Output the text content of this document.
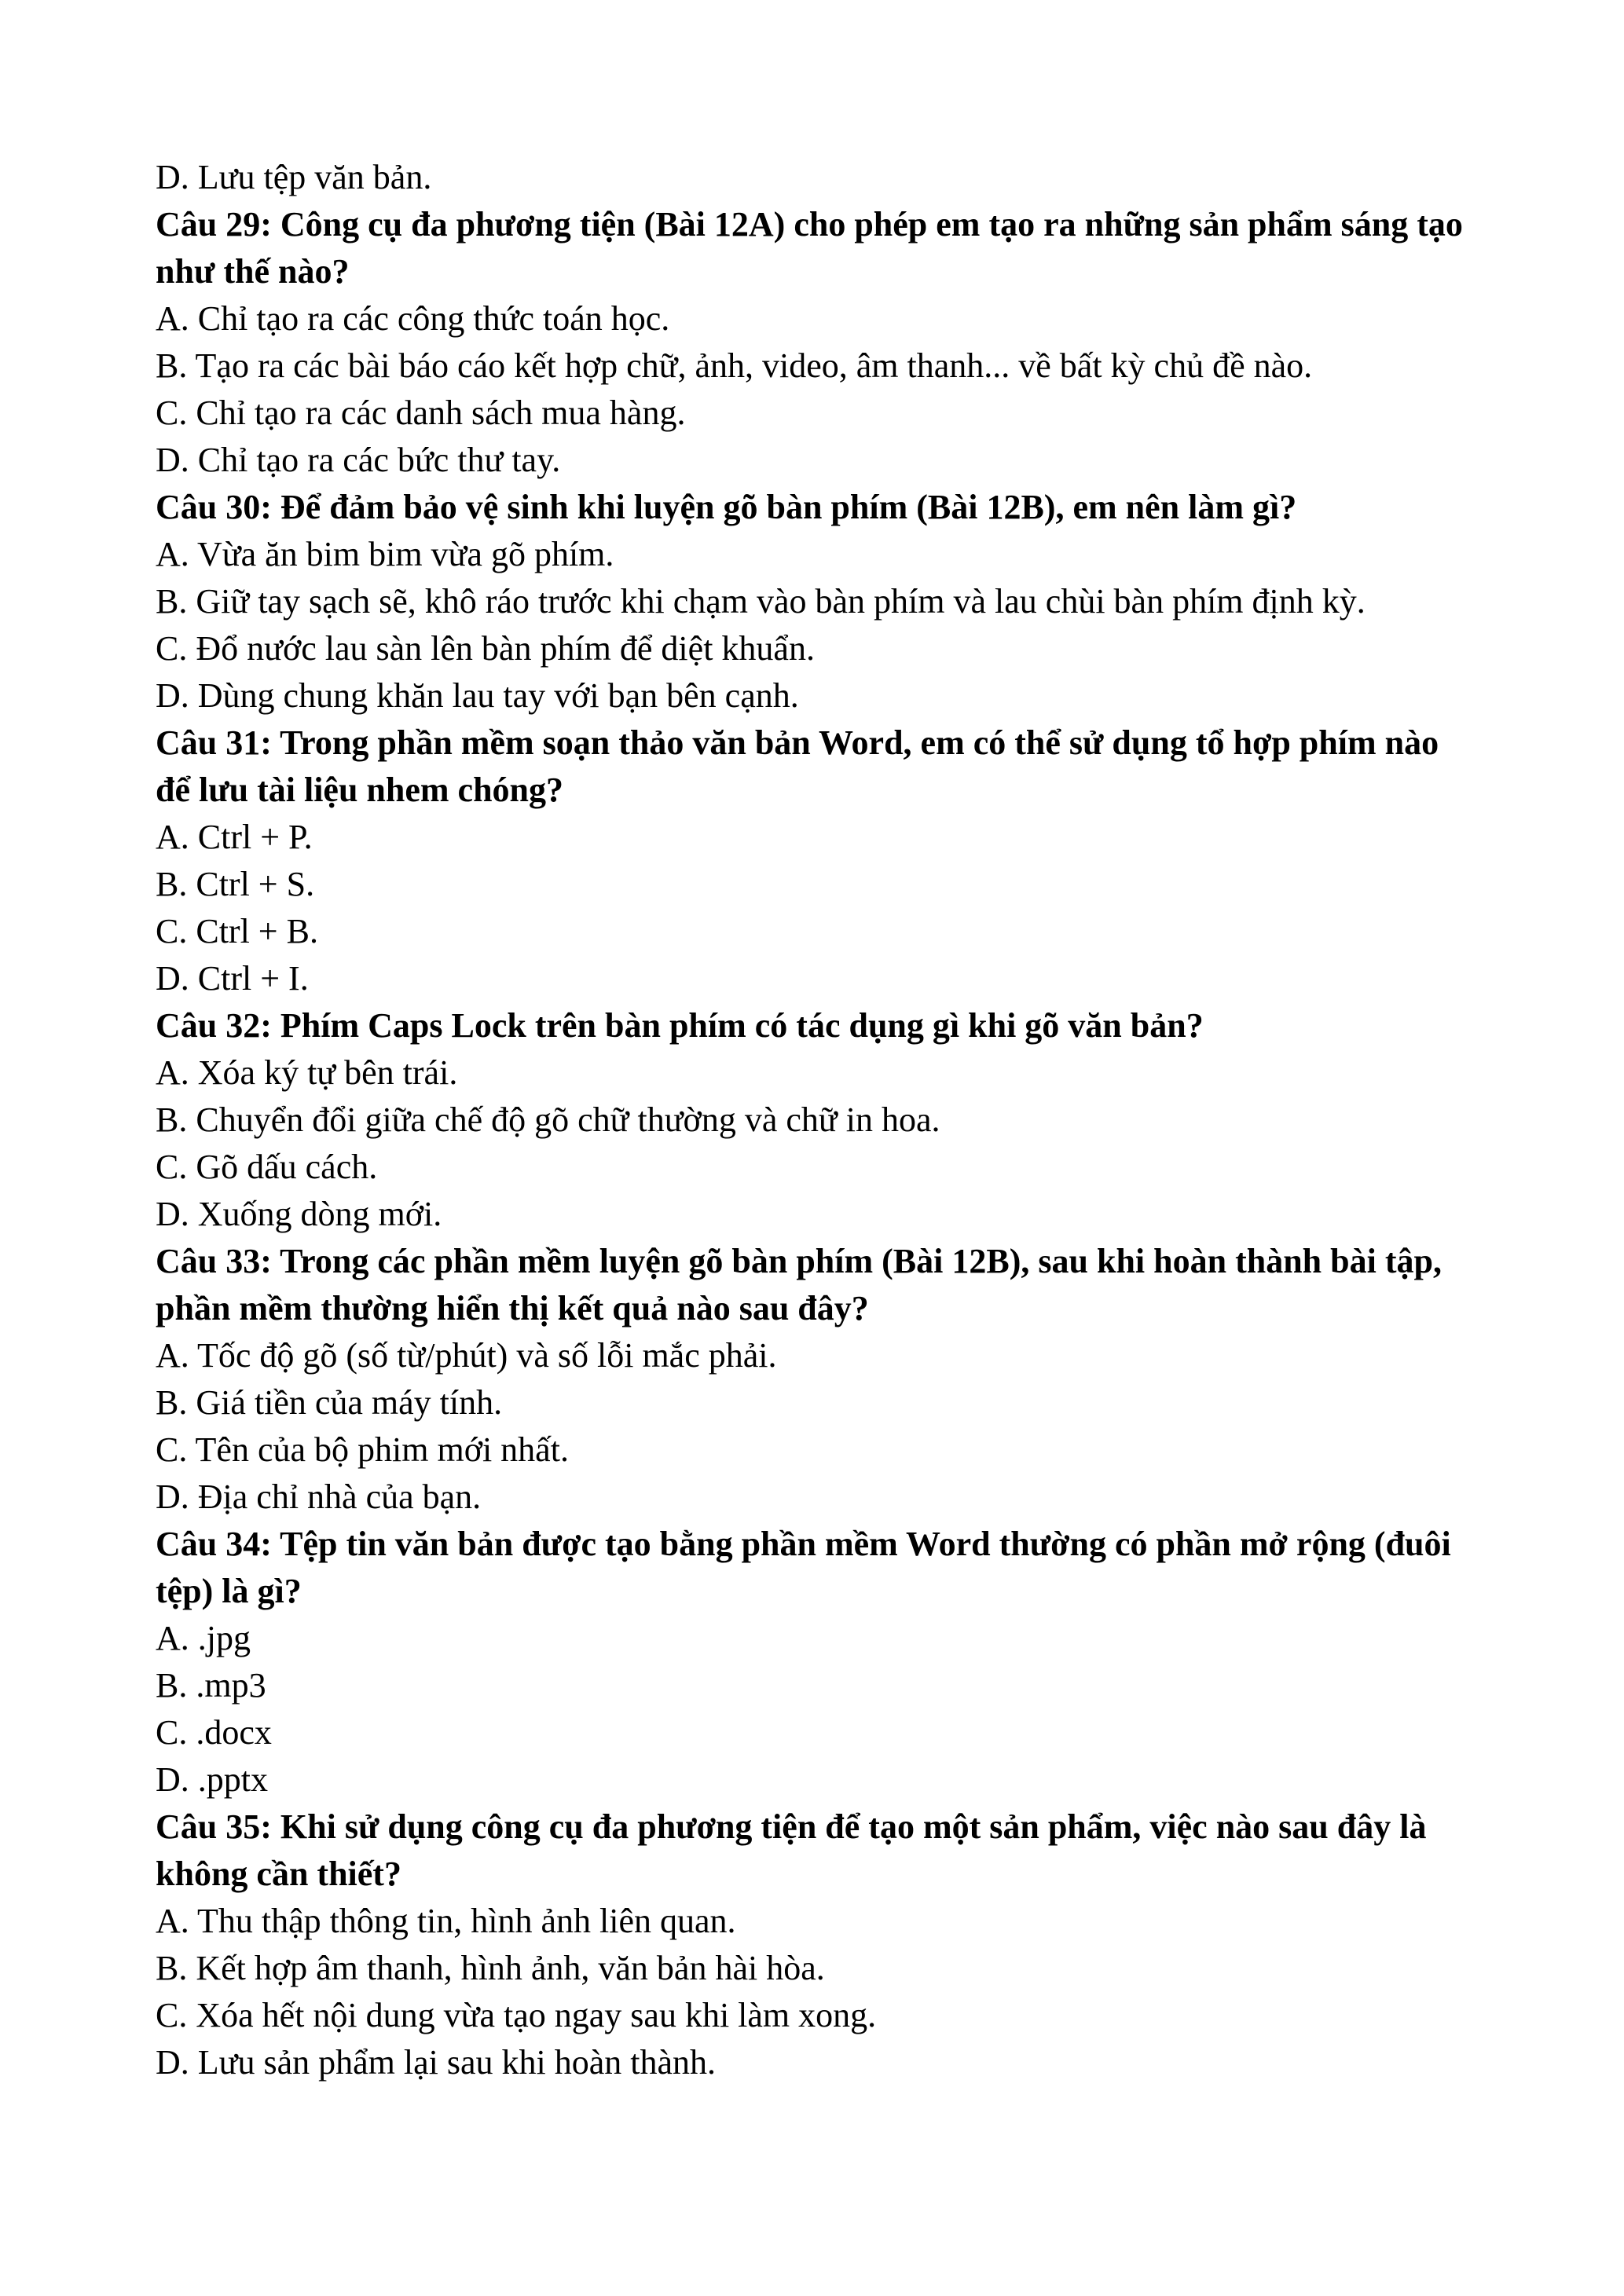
D. Lưu tệp văn bản.

Câu 29: Công cụ đa phương tiện (Bài 12A) cho phép em tạo ra những sản phẩm sáng tạo như thế nào?

A. Chỉ tạo ra các công thức toán học.

B. Tạo ra các bài báo cáo kết hợp chữ, ảnh, video, âm thanh... về bất kỳ chủ đề nào.

C. Chỉ tạo ra các danh sách mua hàng.

D. Chỉ tạo ra các bức thư tay.

Câu 30: Để đảm bảo vệ sinh khi luyện gõ bàn phím (Bài 12B), em nên làm gì?

A. Vừa ăn bim bim vừa gõ phím.

B. Giữ tay sạch sẽ, khô ráo trước khi chạm vào bàn phím và lau chùi bàn phím định kỳ.

C. Đổ nước lau sàn lên bàn phím để diệt khuẩn.

D. Dùng chung khăn lau tay với bạn bên cạnh.

Câu 31: Trong phần mềm soạn thảo văn bản Word, em có thể sử dụng tổ hợp phím nào để lưu tài liệu nhem chóng?

A. Ctrl + P.

B. Ctrl + S.

C. Ctrl + B.

D. Ctrl + I.

Câu 32: Phím Caps Lock trên bàn phím có tác dụng gì khi gõ văn bản?

A. Xóa ký tự bên trái.

B. Chuyển đổi giữa chế độ gõ chữ thường và chữ in hoa.

C. Gõ dấu cách.

D. Xuống dòng mới.

Câu 33: Trong các phần mềm luyện gõ bàn phím (Bài 12B), sau khi hoàn thành bài tập, phần mềm thường hiển thị kết quả nào sau đây?

A. Tốc độ gõ (số từ/phút) và số lỗi mắc phải.

B. Giá tiền của máy tính.

C. Tên của bộ phim mới nhất.

D. Địa chỉ nhà của bạn.

Câu 34: Tệp tin văn bản được tạo bằng phần mềm Word thường có phần mở rộng (đuôi tệp) là gì?

A. .jpg

B. .mp3

C. .docx

D. .pptx

Câu 35: Khi sử dụng công cụ đa phương tiện để tạo một sản phẩm, việc nào sau đây là không cần thiết?

A. Thu thập thông tin, hình ảnh liên quan.

B. Kết hợp âm thanh, hình ảnh, văn bản hài hòa.

C. Xóa hết nội dung vừa tạo ngay sau khi làm xong.

D. Lưu sản phẩm lại sau khi hoàn thành.
